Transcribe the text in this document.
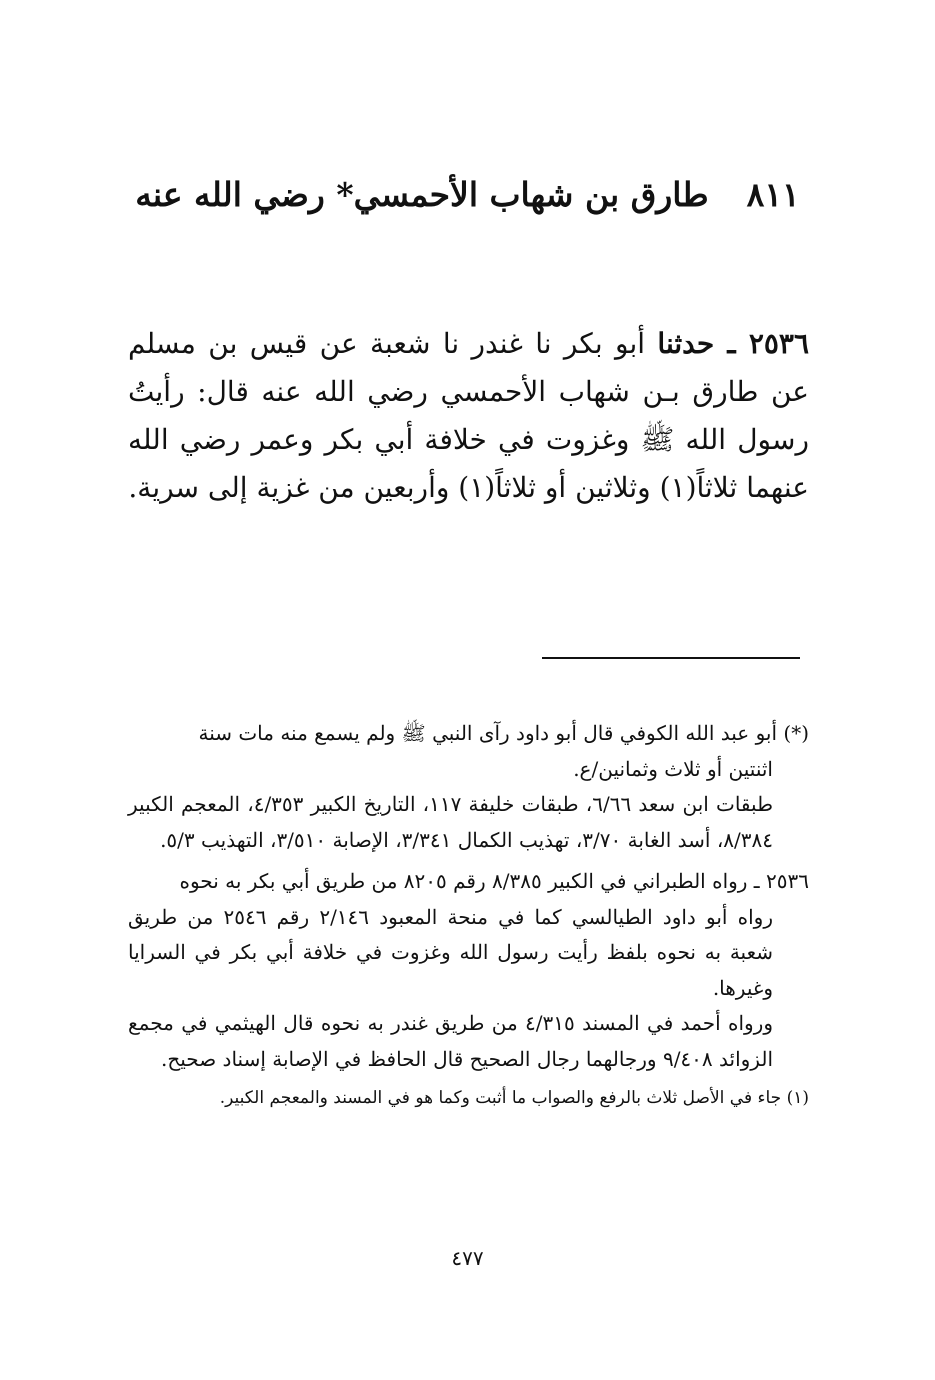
٨١١طارق بن شهاب الأحمسي* رضي الله عنه
٢٥٣٦ ـ حدثنا أبو بكر نا غندر نا شعبة عن قيس بن مسلم عن طارق بـن شهاب الأحمسي رضي الله عنه قال: رأيتُ رسول الله ﷺ وغزوت في خلافة أبي بكر وعمر رضي الله عنهما ثلاثاً(١) وثلاثين أو ثلاثاً(١) وأربعين من غزية إلى سرية.
(*) أبو عبد الله الكوفي قال أبو داود رآى النبي ﷺ ولم يسمع منه مات سنة
اثنتين أو ثلاث وثمانين/ع.
طبقات ابن سعد ٦/٦٦، طبقات خليفة ١١٧، التاريخ الكبير ٤/٣٥٣، المعجم الكبير ٨/٣٨٤، أسد الغابة ٣/٧٠، تهذيب الكمال ٣/٣٤١، الإصابة ٣/٥١٠، التهذيب ٥/٣.
٢٥٣٦ ـ رواه الطبراني في الكبير ٨/٣٨٥ رقم ٨٢٠٥ من طريق أبي بكر به نحوه
رواه أبو داود الطيالسي كما في منحة المعبود ٢/١٤٦ رقم ٢٥٤٦ من طريق شعبة به نحوه بلفظ رأيت رسول الله وغزوت في خلافة أبي بكر في السرايا وغيرها.
ورواه أحمد في المسند ٤/٣١٥ من طريق غندر به نحوه قال الهيثمي في مجمع الزوائد ٩/٤٠٨ ورجالهما رجال الصحيح قال الحافظ في الإصابة إسناد صحيح.
(١) جاء في الأصل ثلاث بالرفع والصواب ما أثبت وكما هو في المسند والمعجم الكبير.
٤٧٧
